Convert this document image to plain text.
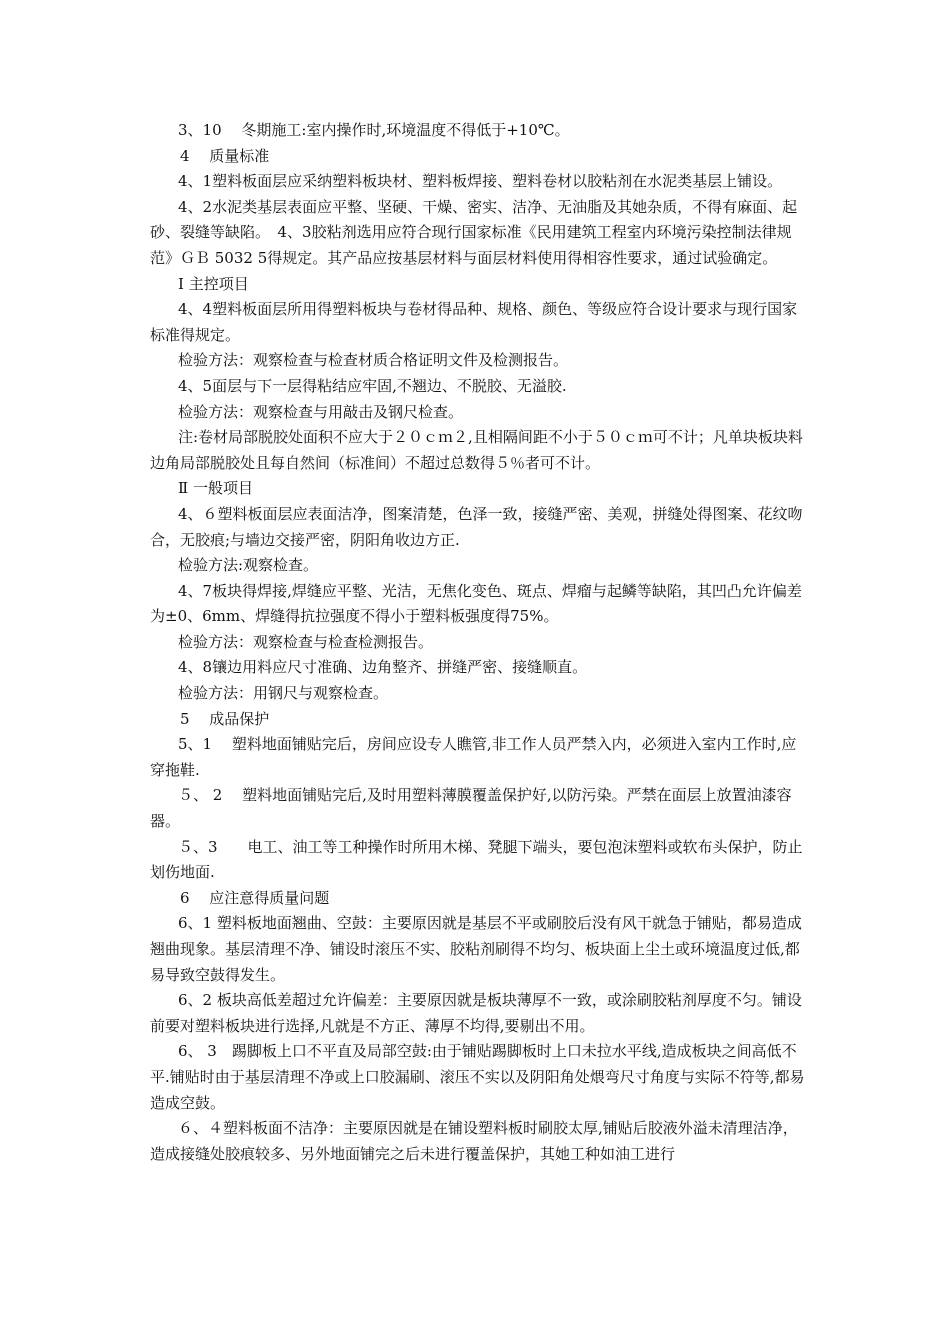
3、10　 冬期施工:室内操作时,环境温度不得低于+10℃。

4　 质量标准

4、1塑料板面层应采纳塑料板块材、塑料板焊接、塑料卷材以胶粘剂在水泥类基层上铺设。

4、2水泥类基层表面应平整、坚硬、干燥、密实、洁净、无油脂及其她杂质，不得有麻面、起砂、裂缝等缺陷。　4、3胶粘剂选用应符合现行国家标准《民用建筑工程室内环境污染控制法律规范》ＧＢ 5032 5得规定。其产品应按基层材料与面层材料使用得相容性要求，通过试验确定。

Ⅰ 主控项目

4、4塑料板面层所用得塑料板块与卷材得品种、规格、颜色、等级应符合设计要求与现行国家标准得规定。

检验方法：观察检查与检查材质合格证明文件及检测报告。

4、5面层与下一层得粘结应牢固,不翘边、不脱胶、无溢胶.

检验方法：观察检查与用敲击及钢尺检查。

注:卷材局部脱胶处面积不应大于２０ｃｍ２,且相隔间距不小于５０ｃｍ可不计；凡单块板块料边角局部脱胶处且每自然间（标准间）不超过总数得５％者可不计。

Ⅱ 一般项目

4、６塑料板面层应表面洁净，图案清楚，色泽一致，接缝严密、美观，拼缝处得图案、花纹吻合，无胶痕;与墙边交接严密，阴阳角收边方正.

检验方法:观察检查。

4、7板块得焊接,焊缝应平整、光洁，无焦化变色、斑点、焊瘤与起鳞等缺陷，其凹凸允许偏差为±0、6mm、焊缝得抗拉强度不得小于塑料板强度得75%。

检验方法：观察检查与检查检测报告。

4、8镶边用料应尺寸准确、边角整齐、拼缝严密、接缝顺直。

检验方法：用钢尺与观察检查。

5　 成品保护

5、1　 塑料地面铺贴完后，房间应设专人瞧管,非工作人员严禁入内，必须进入室内工作时,应穿拖鞋.

５、 2　 塑料地面铺贴完后,及时用塑料薄膜覆盖保护好,以防污染。严禁在面层上放置油漆容器。

５、3　　电工、油工等工种操作时所用木梯、凳腿下端头，要包泡沫塑料或软布头保护，防止划伤地面.

6　 应注意得质量问题

6、1 塑料板地面翘曲、空鼓：主要原因就是基层不平或刷胶后没有风干就急于铺贴，都易造成翘曲现象。基层清理不净、铺设时滚压不实、胶粘剂刷得不均匀、板块面上尘土或环境温度过低,都易导致空鼓得发生。

6、2 板块高低差超过允许偏差：主要原因就是板块薄厚不一致，或涂刷胶粘剂厚度不匀。铺设前要对塑料板块进行选择,凡就是不方正、薄厚不均得,要剔出不用。

6、 3　踢脚板上口不平直及局部空鼓:由于铺贴踢脚板时上口未拉水平线,造成板块之间高低不平.铺贴时由于基层清理不净或上口胶漏刷、滚压不实以及阴阳角处煨弯尺寸角度与实际不符等,都易造成空鼓。

６、４塑料板面不洁净：主要原因就是在铺设塑料板时刷胶太厚,铺贴后胶液外溢未清理洁净，造成接缝处胶痕较多、另外地面铺完之后未进行覆盖保护，其她工种如油工进行
